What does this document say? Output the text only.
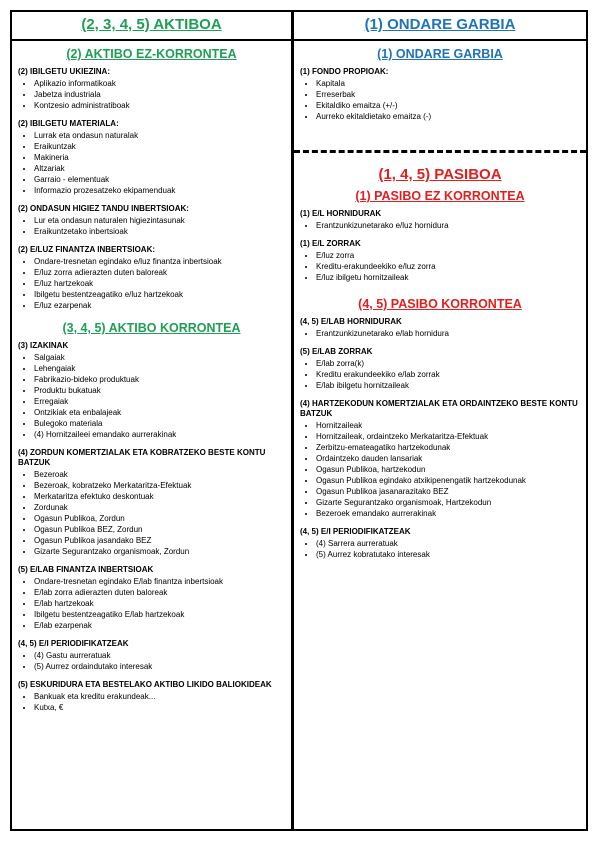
(2, 3, 4, 5) AKTIBOA
(2) AKTIBO EZ-KORRONTEA
(2) IBILGETU UKIEZINA:
• Aplikazio informatikoak
• Jabetza industriala
• Kontzesio administratiboak
(2) IBILGETU MATERIALA:
• Lurrak eta ondasun naturalak
• Eraikuntzak
• Makineria
• Altzariak
• Garraio - elementuak
• Informazio prozesatzeko ekipamenduak
(2) ONDASUN HIGIEZ TANDU INBERTSIOAK:
• Lur eta ondasun naturalen higiezintasunak
• Eraikuntzetako inbertsioak
(2) E/LUZ FINANTZA INBERTSIOAK:
• Ondare-tresnetan egindako e/luz finantza inbertsioak
• E/luz zorra adierazten duten baloreak
• E/luz hartzekoak
• Ibilgetu bestentzeagatiko e/luz hartzekoak
• E/luz ezarpenak
(3, 4, 5) AKTIBO KORRONTEA
(3) IZAKINAK
• Salgaiak
• Lehengaiak
• Fabrikazio-bideko produktuak
• Produktu bukatuak
• Erregaiak
• Ontzikiak eta enbalajeak
• Bulegoko materiala
• (4) Hornitzaileei emandako aurrerakinak
(4) ZORDUN KOMERTZIALAK ETA KOBRATZEKO BESTE KONTU BATZUK
• Bezeroak
• Bezeroak, kobratzeko Merkataritza-Efektuak
• Merkataritza efektuko deskontuak
• Zordunak
• Ogasun Publikoa, Zordun
• Ogasun Publikoa BEZ, Zordun
• Ogasun Publikoa jasandako BEZ
• Gizarte Segurantzako organismoak, Zordun
(5) E/LAB FINANTZA INBERTSIOAK
• Ondare-tresnetan egindako E/lab finantza inbertsioak
• E/lab zorra adierazten duten baloreak
• E/lab hartzekoak
• Ibilgetu bestentzeagatiko E/lab hartzekoak
• E/lab ezarpenak
(4, 5) E/I PERIODIFIKATZEAK
• (4) Gastu aurreratuak
• (5) Aurrez ordaindutako interesak
(5) ESKURIDURA ETA BESTELAKO AKTIBO LIKIDO BALIOKIDEAK
• Bankuak eta kreditu erakundeak...
• Kutxa, €
(1) ONDARE GARBIA
(1) ONDARE GARBIA
(1) FONDO PROPIOAK:
• Kapitala
• Erreserbak
• Ekitaldiko emaitza (+/-)
• Aurreko ekitaldietako emaitza (-)
(1, 4, 5) PASIBOA
(1) PASIBO EZ KORRONTEA
(1) E/L HORNIDURAK
• Erantzunkizunetarako e/luz hornidura
(1) E/L ZORRAK
• E/luz zorra
• Kreditu-erakundeekiko e/luz zorra
• E/luz ibilgetu hornitzaileak
(4, 5) PASIBO KORRONTEA
(4, 5) E/LAB HORNIDURAK
• Erantzunkizunetarako e/lab hornidura
(5) E/LAB ZORRAK
• E/lab zorra(k)
• Kreditu erakundeekiko e/lab zorrak
• E/lab ibilgetu hornitzaileak
(4) HARTZEKODUN KOMERTZIALAK ETA ORDAINTZEKO BESTE KONTU BATZUK
• Hornitzaileak
• Hornitzaileak, ordaintzeko Merkataritza-Efektuak
• Zerbitzu-emateagatiko hartzekodunak
• Ordaintzeko dauden lansariak
• Ogasun Publikoa, hartzekodun
• Ogasun Publikoa egindako atxikipenengatik hartzekodunak
• Ogasun Publikoa jasanarazitako BEZ
• Gizarte Segurantzako organismoak, Hartzekodun
• Bezeroek emandako aurrerakinak
(4, 5) E/I PERIODIFIKATZEAK
• (4) Sarrera aurreratuak
• (5) Aurrez kobratutako interesak
